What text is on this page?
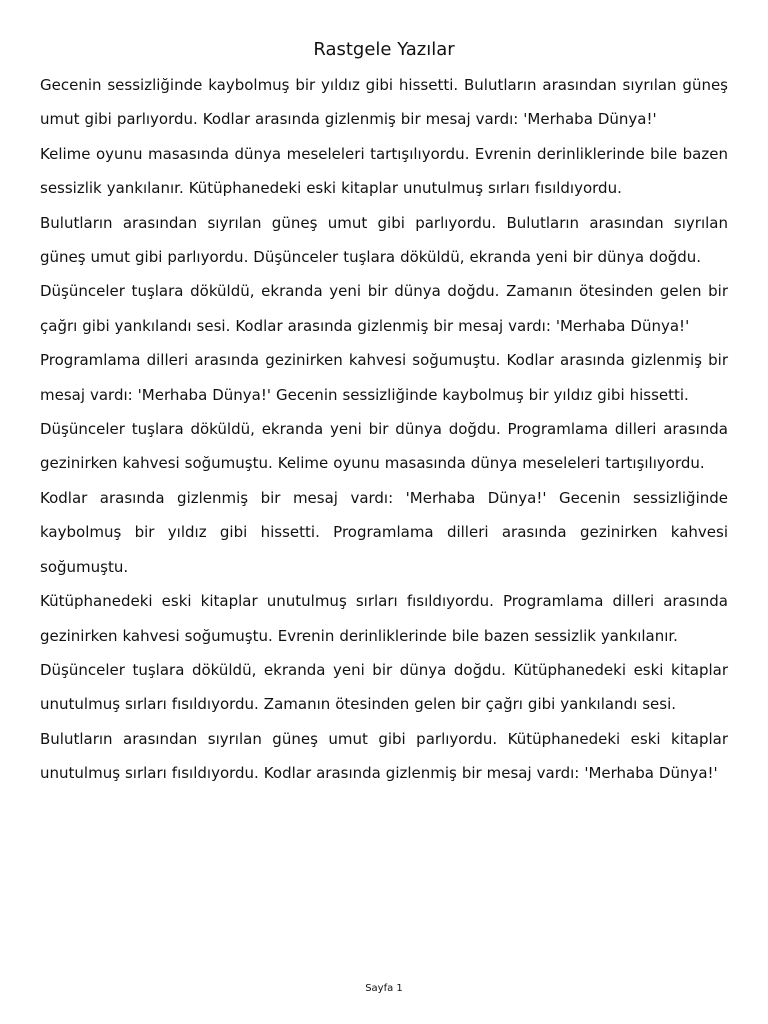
Rastgele Yazılar

Gecenin sessizliğinde kaybolmuş bir yıldız gibi hissetti. Bulutların arasından sıyrılan güneş umut gibi parlıyordu. Kodlar arasında gizlenmiş bir mesaj vardı: 'Merhaba Dünya!'

Kelime oyunu masasında dünya meseleleri tartışılıyordu. Evrenin derinliklerinde bile bazen sessizlik yankılanır. Kütüphanedeki eski kitaplar unutulmuş sırları fısıldıyordu.

Bulutların arasından sıyrılan güneş umut gibi parlıyordu. Bulutların arasından sıyrılan güneş umut gibi parlıyordu. Düşünceler tuşlara döküldü, ekranda yeni bir dünya doğdu.

Düşünceler tuşlara döküldü, ekranda yeni bir dünya doğdu. Zamanın ötesinden gelen bir çağrı gibi yankılandı sesi. Kodlar arasında gizlenmiş bir mesaj vardı: 'Merhaba Dünya!'

Programlama dilleri arasında gezinirken kahvesi soğumuştu. Kodlar arasında gizlenmiş bir mesaj vardı: 'Merhaba Dünya!' Gecenin sessizliğinde kaybolmuş bir yıldız gibi hissetti.

Düşünceler tuşlara döküldü, ekranda yeni bir dünya doğdu. Programlama dilleri arasında gezinirken kahvesi soğumuştu. Kelime oyunu masasında dünya meseleleri tartışılıyordu.

Kodlar arasında gizlenmiş bir mesaj vardı: 'Merhaba Dünya!' Gecenin sessizliğinde kaybolmuş bir yıldız gibi hissetti. Programlama dilleri arasında gezinirken kahvesi soğumuştu.

Kütüphanedeki eski kitaplar unutulmuş sırları fısıldıyordu. Programlama dilleri arasında gezinirken kahvesi soğumuştu. Evrenin derinliklerinde bile bazen sessizlik yankılanır.

Düşünceler tuşlara döküldü, ekranda yeni bir dünya doğdu. Kütüphanedeki eski kitaplar unutulmuş sırları fısıldıyordu. Zamanın ötesinden gelen bir çağrı gibi yankılandı sesi.

Bulutların arasından sıyrılan güneş umut gibi parlıyordu. Kütüphanedeki eski kitaplar unutulmuş sırları fısıldıyordu. Kodlar arasında gizlenmiş bir mesaj vardı: 'Merhaba Dünya!'

Sayfa 1
